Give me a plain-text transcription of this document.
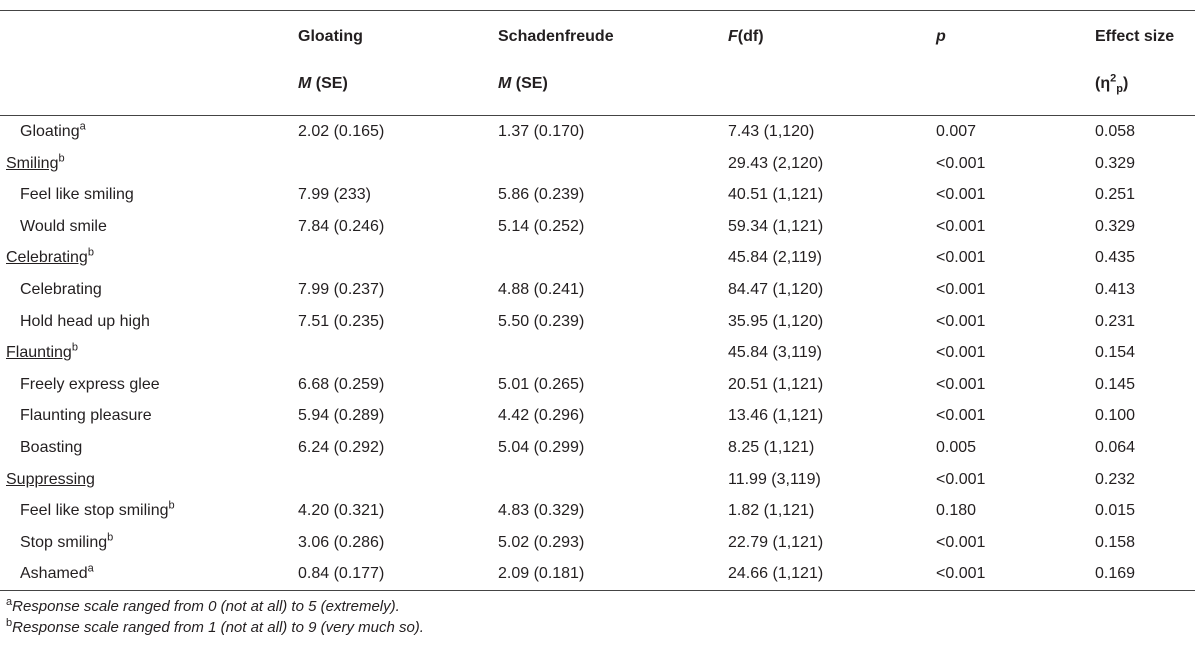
	Gloating	Schadenfreude	F(df)	p	Effect size
	M (SE)	M (SE)			$(\eta^2_p)$
Gloating$^a$	2.02 (0.165)	1.37 (0.170)	7.43 (1,120)	0.007	0.058
Smiling$^b$			29.43 (2,120)	<0.001	0.329
Feel like smiling	7.99 (233)	5.86 (0.239)	40.51 (1,121)	<0.001	0.251
Would smile	7.84 (0.246)	5.14 (0.252)	59.34 (1,121)	<0.001	0.329
Celebrating$^b$			45.84 (2,119)	<0.001	0.435
Celebrating	7.99 (0.237)	4.88 (0.241)	84.47 (1,120)	<0.001	0.413
Hold head up high	7.51 (0.235)	5.50 (0.239)	35.95 (1,120)	<0.001	0.231
Flaunting$^b$			45.84 (3,119)	<0.001	0.154
Freely express glee	6.68 (0.259)	5.01 (0.265)	20.51 (1,121)	<0.001	0.145
Flaunting pleasure	5.94 (0.289)	4.42 (0.296)	13.46 (1,121)	<0.001	0.100
Boasting	6.24 (0.292)	5.04 (0.299)	8.25 (1,121)	0.005	0.064
Suppressing			11.99 (3,119)	<0.001	0.232
Feel like stop smiling$^b$	4.20 (0.321)	4.83 (0.329)	1.82 (1,121)	0.180	0.015
Stop smiling$^b$	3.06 (0.286)	5.02 (0.293)	22.79 (1,121)	<0.001	0.158
Ashamed$^a$	0.84 (0.177)	2.09 (0.181)	24.66 (1,121)	<0.001	0.169
$^a$Response scale ranged from 0 (not at all) to 5 (extremely).
$^b$Response scale ranged from 1 (not at all) to 9 (very much so).
